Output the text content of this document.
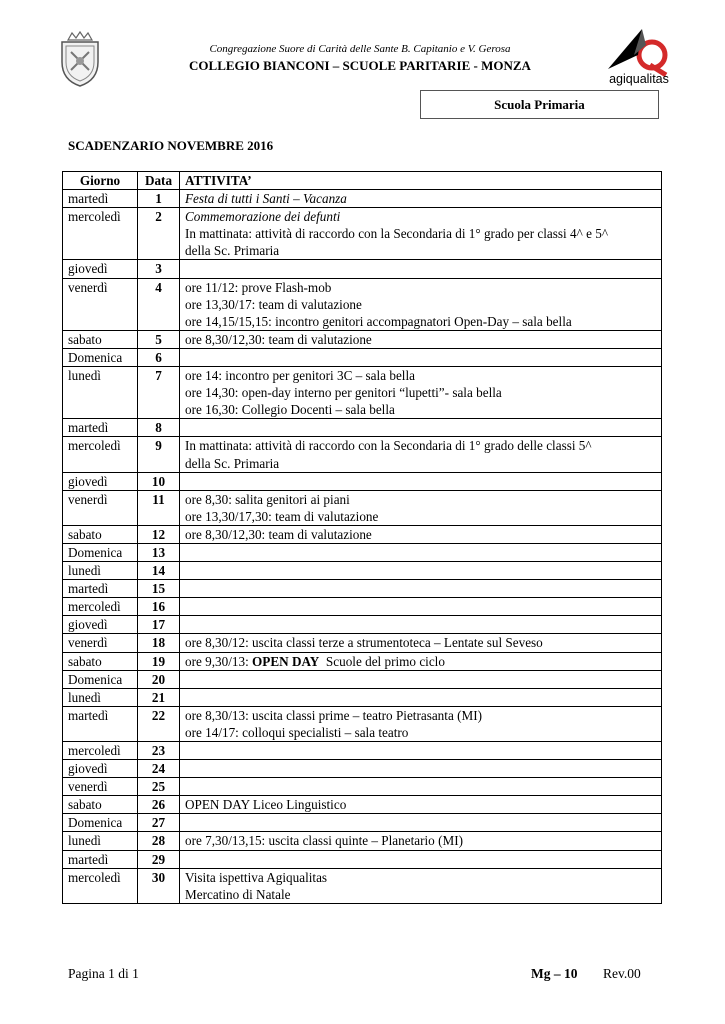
Congregazione Suore di Carità delle Sante B. Capitanio e V. Gerosa
COLLEGIO BIANCONI – SCUOLE PARITARIE - MONZA
agiqualitas
Scuola Primaria
SCADENZARIO NOVEMBRE 2016
Giorno	Data	ATTIVITA’
martedì	1	Festa di tutti i Santi – Vacanza

mercoledì	2	Commemorazione dei defunti
In mattinata: attività di raccordo con la Secondaria di 1° grado per classi 4^ e 5^
della Sc. Primaria

giovedì	3	

venerdì	4	ore 11/12: prove Flash-mob
ore 13,30/17: team di valutazione
ore 14,15/15,15: incontro genitori accompagnatori Open-Day – sala bella

sabato	5	ore 8,30/12,30: team di valutazione

Domenica	6	

lunedì	7	ore 14: incontro per genitori 3C – sala bella
ore 14,30: open-day interno per genitori “lupetti”- sala bella
ore 16,30: Collegio Docenti – sala bella

martedì	8	

mercoledì	9	In mattinata: attività di raccordo con la Secondaria di 1° grado delle classi 5^
della Sc. Primaria

giovedì	10	

venerdì	11	ore 8,30: salita genitori ai piani
ore 13,30/17,30: team di valutazione

sabato	12	ore 8,30/12,30: team di valutazione

Domenica	13	

lunedì	14	

martedì	15	

mercoledì	16	

giovedì	17	

venerdì	18	ore 8,30/12: uscita classi terze a strumentoteca – Lentate sul Seveso

sabato	19	ore 9,30/13: OPEN DAY  Scuole del primo ciclo

Domenica	20	

lunedì	21	

martedì	22	ore 8,30/13: uscita classi prime – teatro Pietrasanta (MI)
ore 14/17: colloqui specialisti – sala teatro

mercoledì	23	

giovedì	24	

venerdì	25	

sabato	26	OPEN DAY Liceo Linguistico

Domenica	27	

lunedì	28	ore 7,30/13,15: uscita classi quinte – Planetario (MI)

martedì	29	

mercoledì	30	Visita ispettiva Agiqualitas
Mercatino di Natale
Pagina 1 di 1	Mg – 10 Rev.00
